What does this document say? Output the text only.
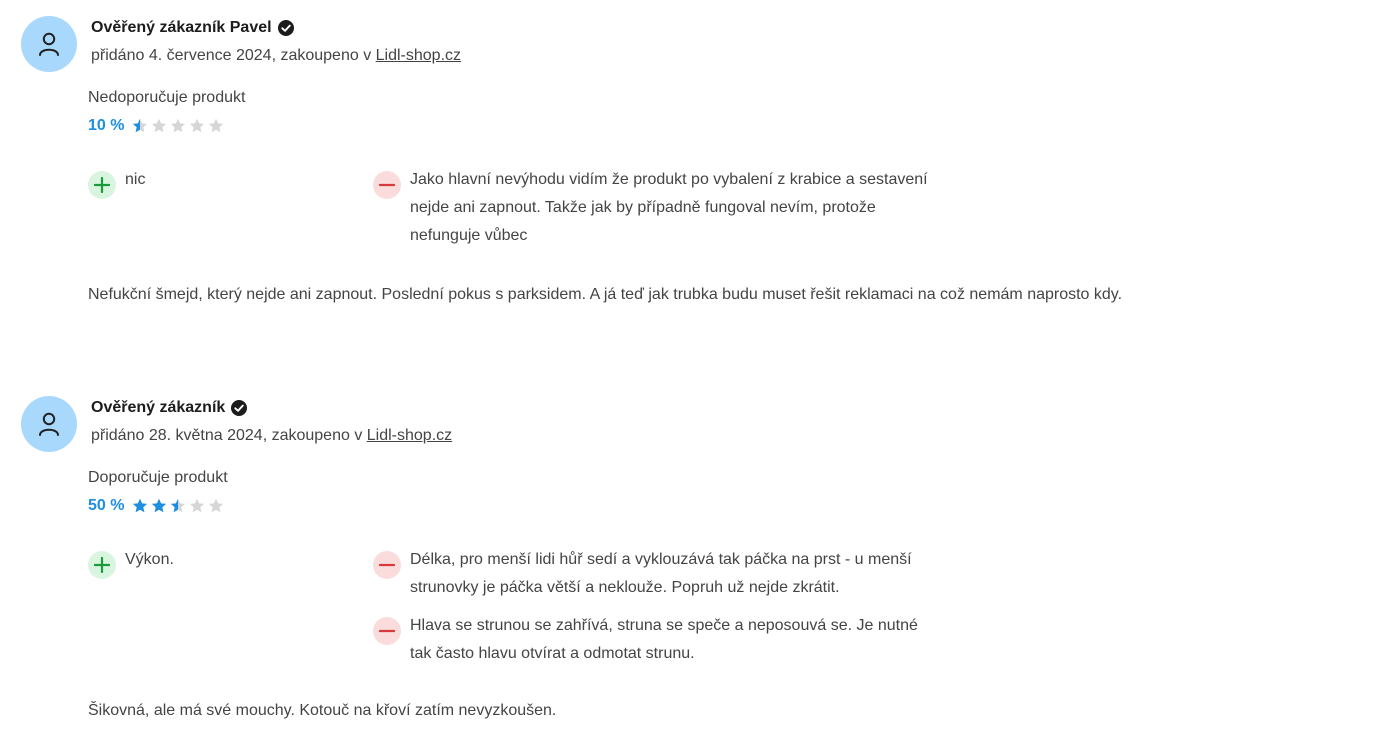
Ověřený zákazník Pavel
přidáno 4. července 2024, zakoupeno v Lidl-shop.cz
Nedoporučuje produkt
10 %
nic	Jako hlavní nevýhodu vidím že produkt po vybalení z krabice a sestavení nejde ani zapnout. Takže jak by případně fungoval nevím, protože nefunguje vůbec
Nefukční šmejd, který nejde ani zapnout. Poslední pokus s parksidem. A já teď jak trubka budu muset řešit reklamaci na což nemám naprosto kdy.
Ověřený zákazník
přidáno 28. května 2024, zakoupeno v Lidl-shop.cz
Doporučuje produkt
50 %
Výkon.	Délka, pro menší lidi hůř sedí a vyklouzává tak páčka na prst - u menší strunovky je páčka větší a neklouže. Popruh už nejde zkrátit.
Hlava se strunou se zahřívá, struna se speče a neposouvá se. Je nutné tak často hlavu otvírat a odmotat strunu.
Šikovná, ale má své mouchy. Kotouč na křoví zatím nevyzkoušen.
